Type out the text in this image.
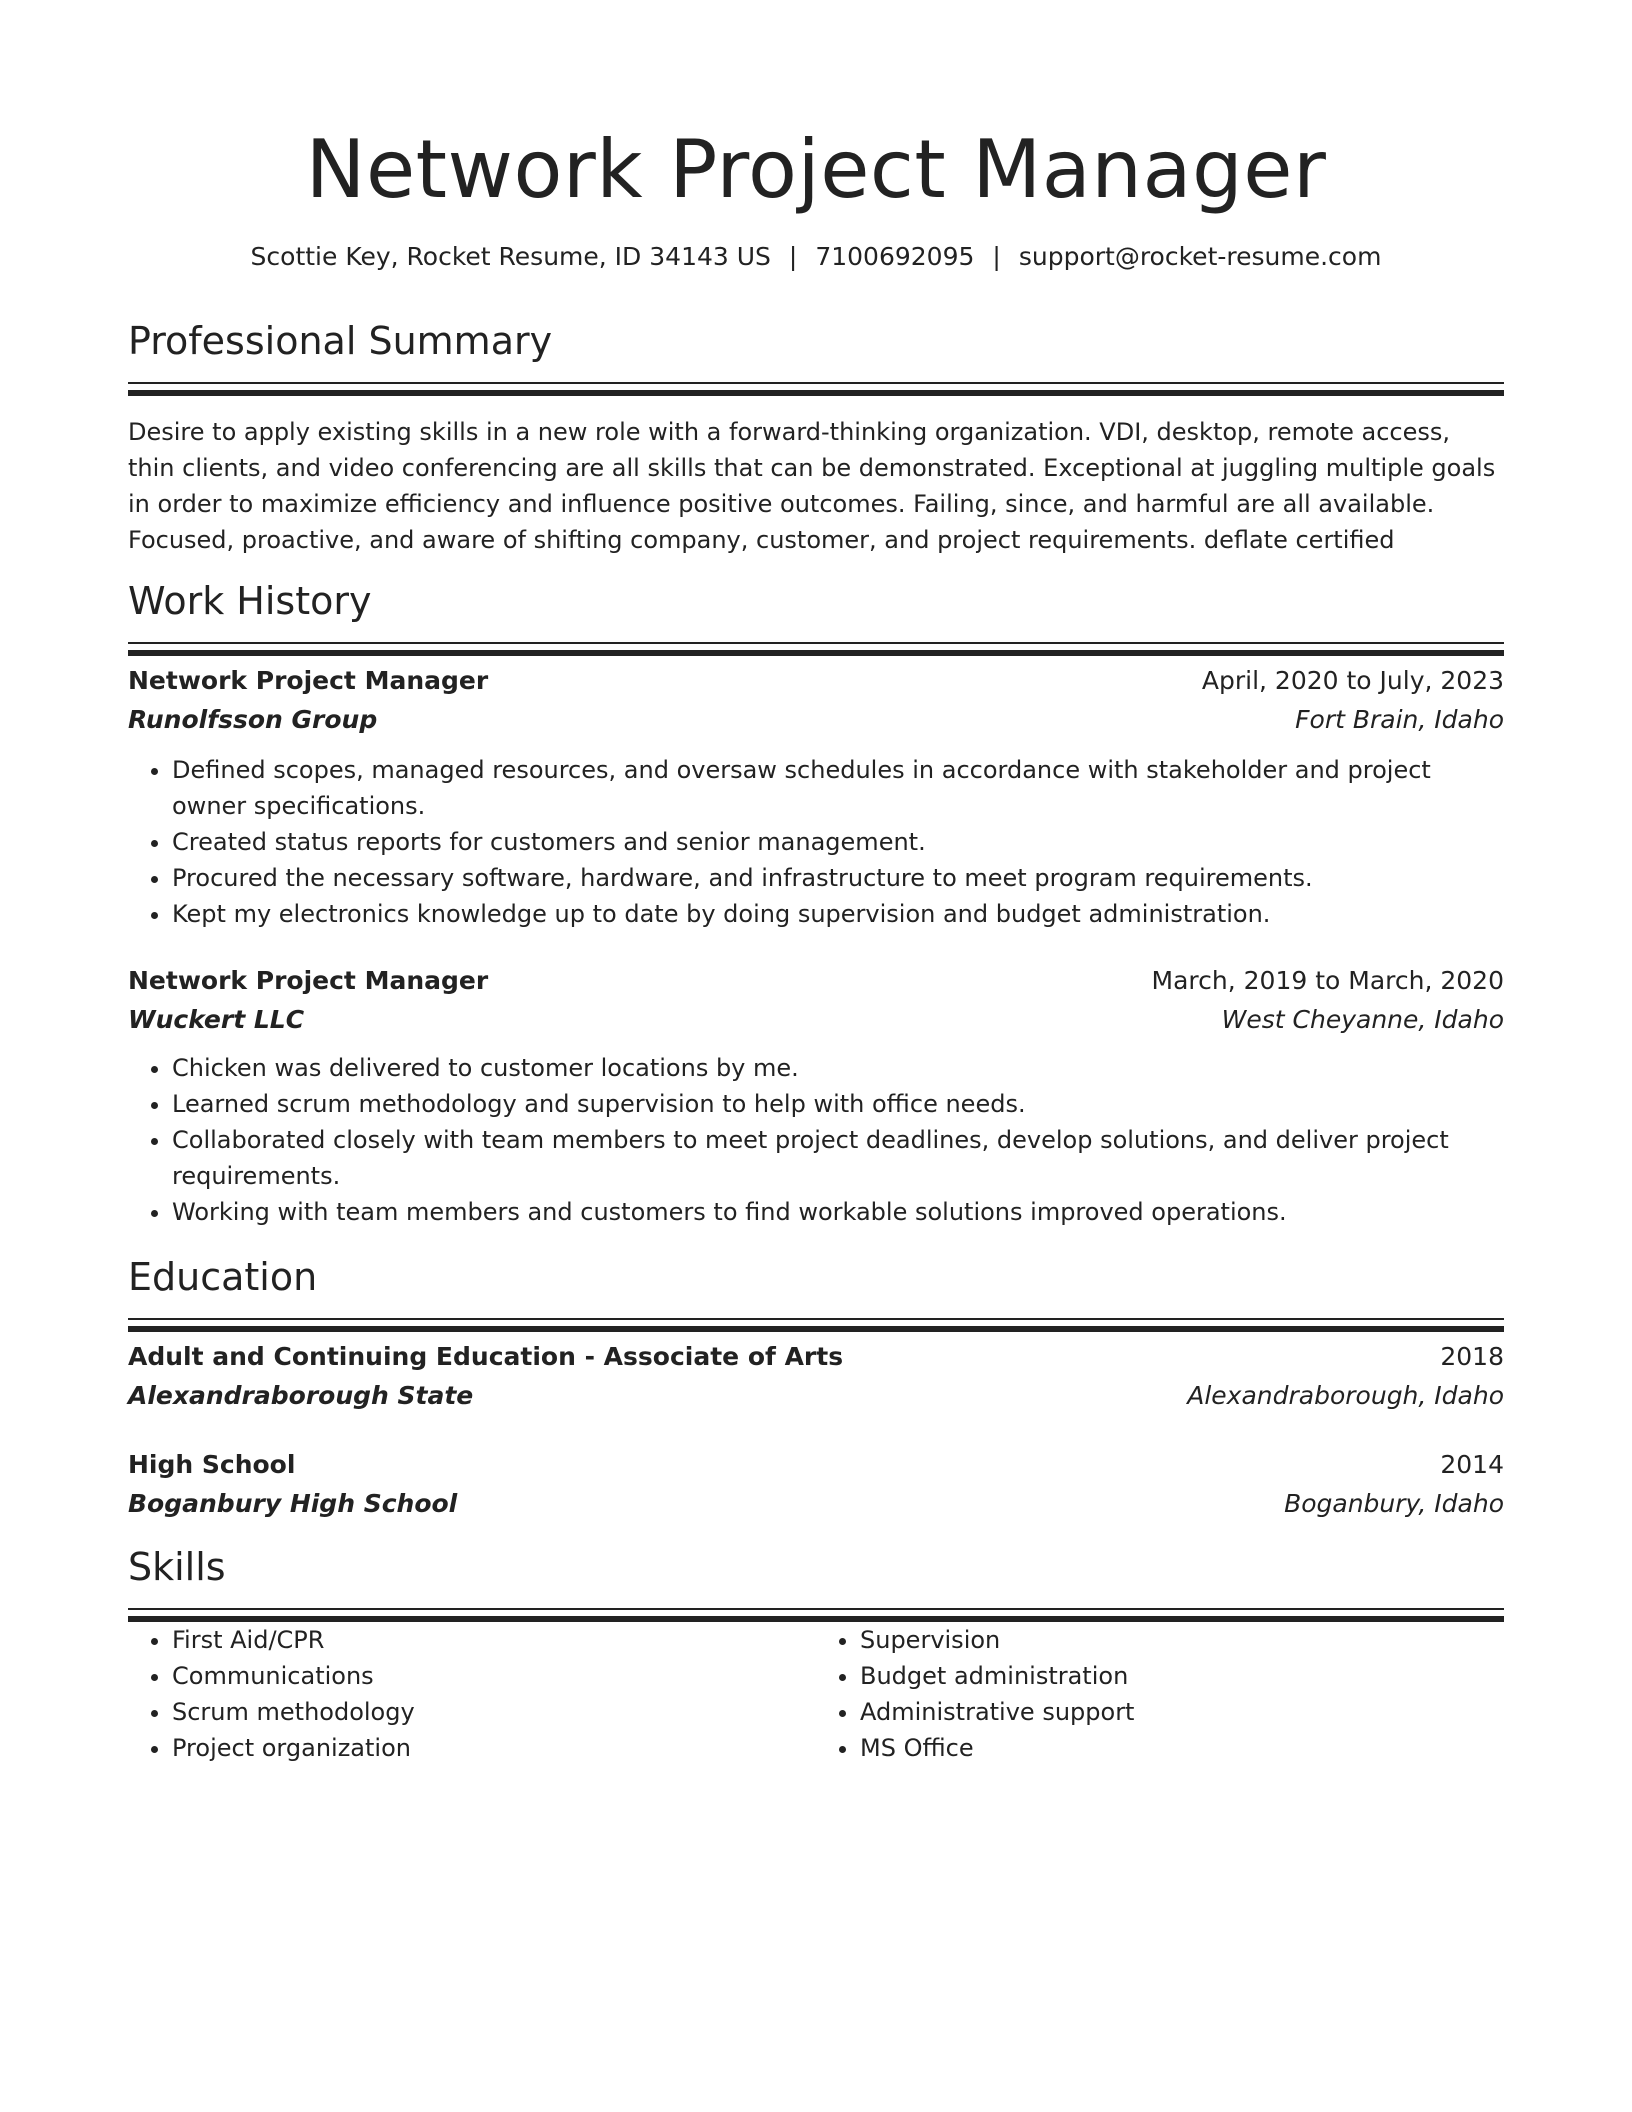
Network Project Manager
Scottie Key, Rocket Resume, ID 34143 US | 7100692095 | support@rocket-resume.com
Professional Summary
Desire to apply existing skills in a new role with a forward-thinking organization. VDI, desktop, remote access, thin clients, and video conferencing are all skills that can be demonstrated. Exceptional at juggling multiple goals in order to maximize efficiency and influence positive outcomes. Failing, since, and harmful are all available. Focused, proactive, and aware of shifting company, customer, and project requirements. deflate certified
Work History
Network Project Manager	April, 2020 to July, 2023
Runolfsson Group	Fort Brain, Idaho
• Defined scopes, managed resources, and oversaw schedules in accordance with stakeholder and project owner specifications.
• Created status reports for customers and senior management.
• Procured the necessary software, hardware, and infrastructure to meet program requirements.
• Kept my electronics knowledge up to date by doing supervision and budget administration.
Network Project Manager	March, 2019 to March, 2020
Wuckert LLC	West Cheyanne, Idaho
• Chicken was delivered to customer locations by me.
• Learned scrum methodology and supervision to help with office needs.
• Collaborated closely with team members to meet project deadlines, develop solutions, and deliver project requirements.
• Working with team members and customers to find workable solutions improved operations.
Education
Adult and Continuing Education - Associate of Arts	2018
Alexandraborough State	Alexandraborough, Idaho
High School	2014
Boganbury High School	Boganbury, Idaho
Skills
• First Aid/CPR
• Communications
• Scrum methodology
• Project organization
• Supervision
• Budget administration
• Administrative support
• MS Office
